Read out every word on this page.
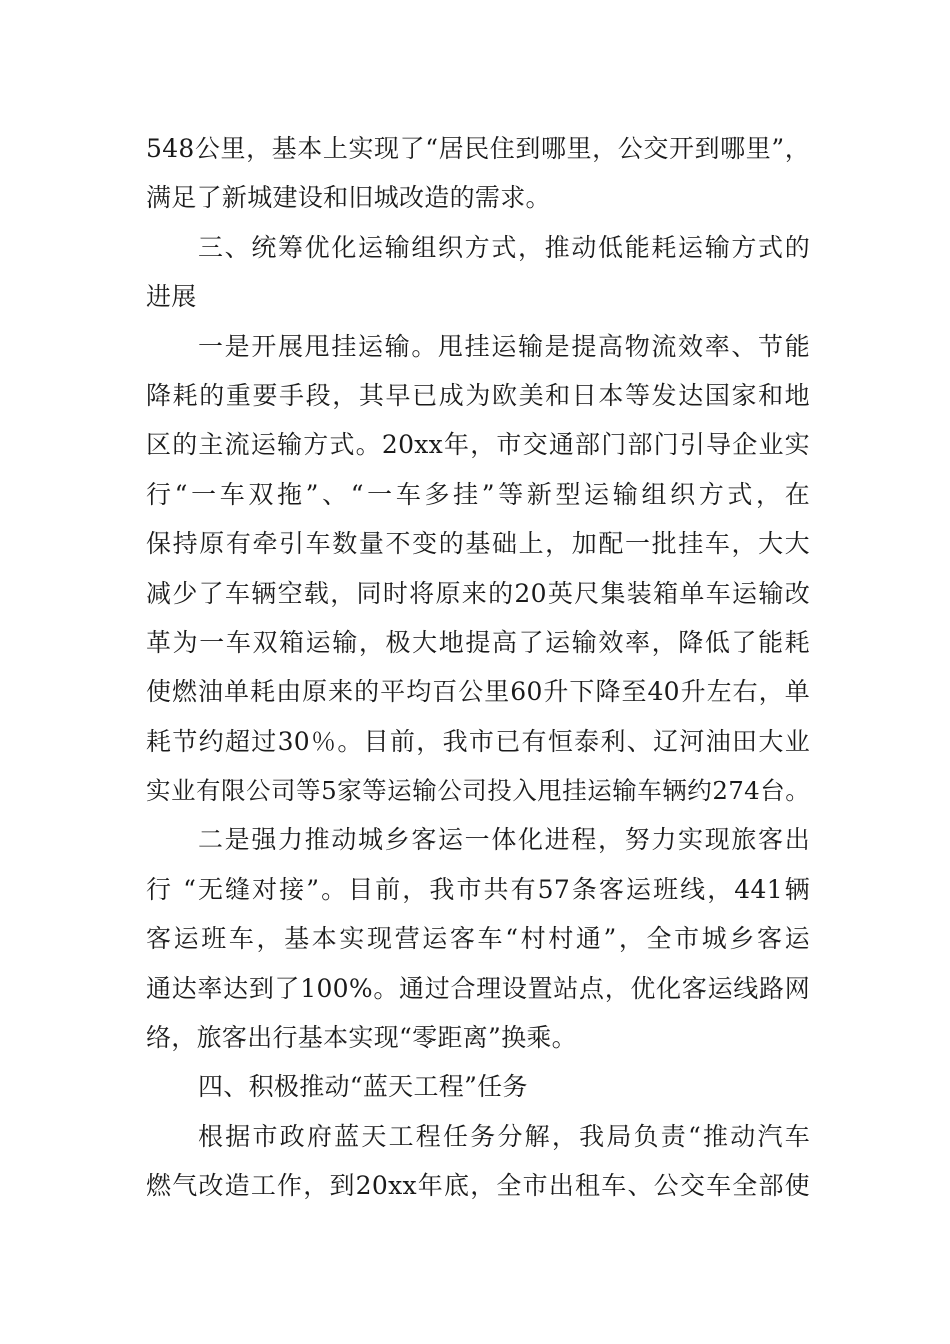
548公里，基本上实现了“居民住到哪里，公交开到哪里”，
满足了新城建设和旧城改造的需求。
三、统筹优化运输组织方式，推动低能耗运输方式的
进展
一是开展甩挂运输。甩挂运输是提高物流效率、节能
降耗的重要手段，其早已成为欧美和日本等发达国家和地
区的主流运输方式。20xx年，市交通部门部门引导企业实
行“一车双拖”、“一车多挂”等新型运输组织方式，在
保持原有牵引车数量不变的基础上，加配一批挂车，大大
减少了车辆空载，同时将原来的20英尺集装箱单车运输改
革为一车双箱运输，极大地提高了运输效率，降低了能耗
使燃油单耗由原来的平均百公里60升下降至40升左右，单
耗节约超过30％。目前，我市已有恒泰利、辽河油田大业
实业有限公司等5家等运输公司投入甩挂运输车辆约274台。
二是强力推动城乡客运一体化进程，努力实现旅客出
行 “无缝对接”。目前，我市共有57条客运班线，441辆
客运班车，基本实现营运客车“村村通”，全市城乡客运
通达率达到了100%。通过合理设置站点，优化客运线路网
络，旅客出行基本实现“零距离”换乘。
四、积极推动“蓝天工程”任务
根据市政府蓝天工程任务分解，我局负责“推动汽车
燃气改造工作，到20xx年底，全市出租车、公交车全部使
